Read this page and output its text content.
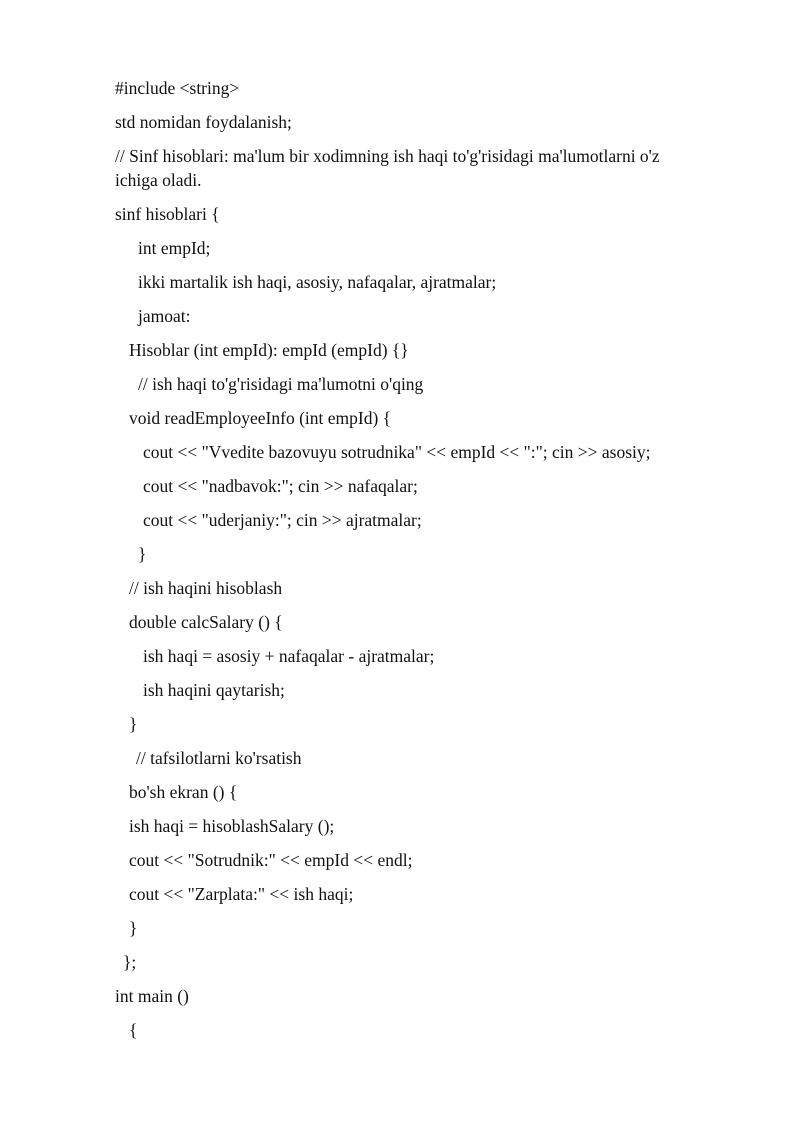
#include <string>
std nomidan foydalanish;
// Sinf hisoblari: ma'lum bir xodimning ish haqi to'g'risidagi ma'lumotlarni o'z
ichiga oladi.
sinf hisoblari {
int empId;
ikki martalik ish haqi, asosiy, nafaqalar, ajratmalar;
jamoat:
Hisoblar (int empId): empId (empId) {}
// ish haqi to'g'risidagi ma'lumotni o'qing
void readEmployeeInfo (int empId) {
cout << "Vvedite bazovuyu sotrudnika" << empId << ":"; cin >> asosiy;
cout << "nadbavok:"; cin >> nafaqalar;
cout << "uderjaniy:"; cin >> ajratmalar;
}
// ish haqini hisoblash
double calcSalary () {
ish haqi = asosiy + nafaqalar - ajratmalar;
ish haqini qaytarish;
}
// tafsilotlarni ko'rsatish
bo'sh ekran () {
ish haqi = hisoblashSalary ();
cout << "Sotrudnik:" << empId << endl;
cout << "Zarplata:" << ish haqi;
}
};
int main ()
{
